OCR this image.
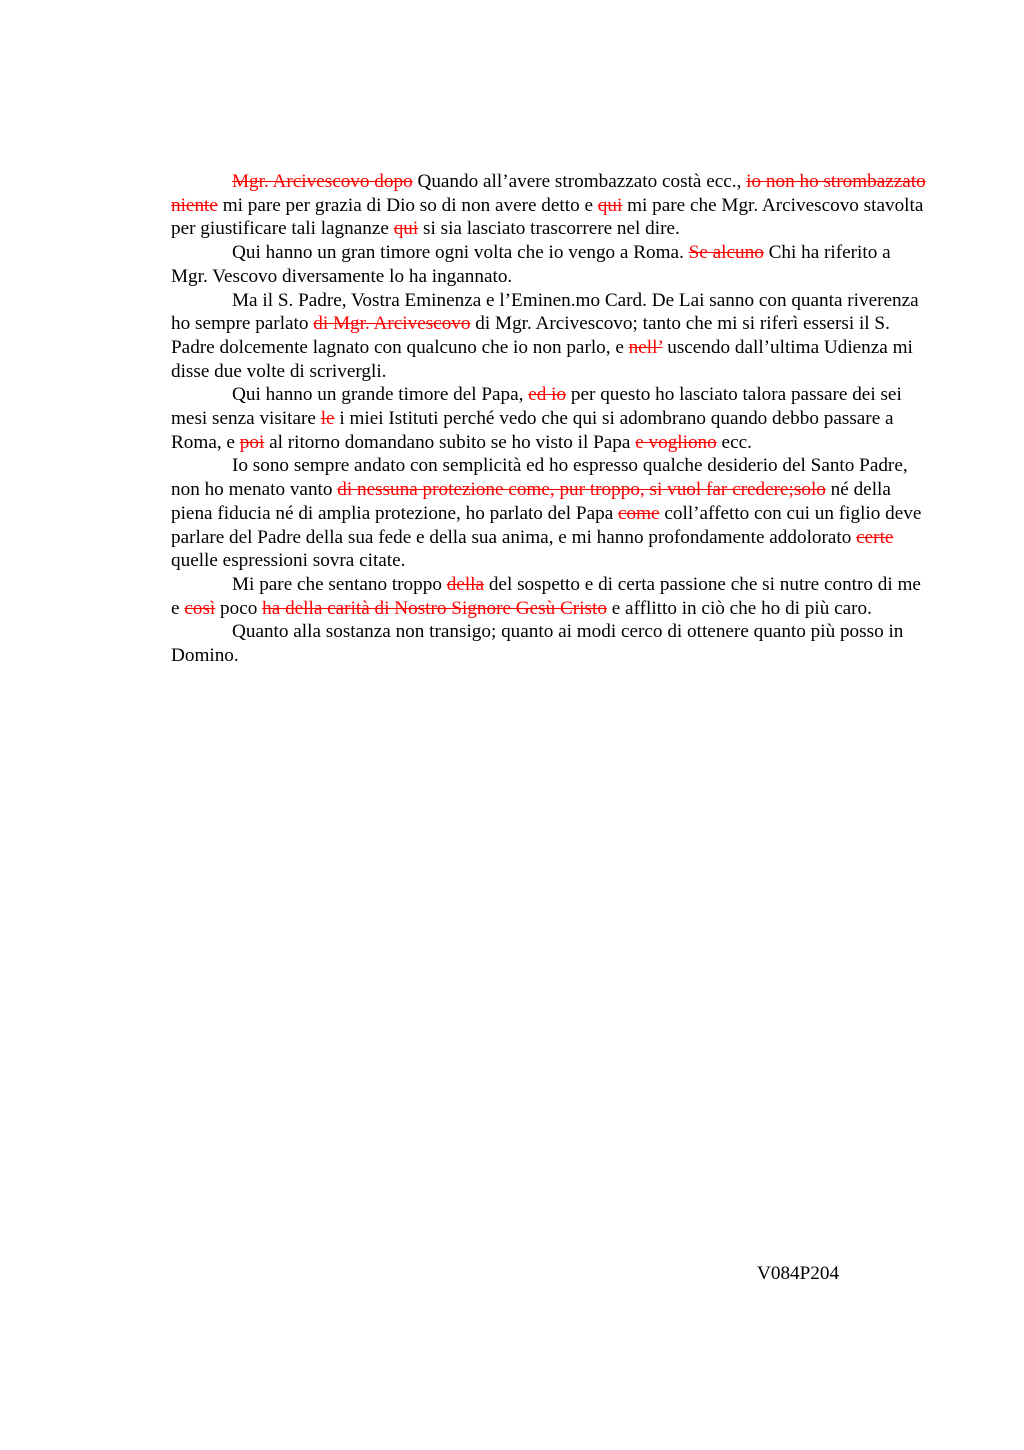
Mgr. Arcivescovo dopo Quando all’avere strombazzato costà ecc., io non ho strombazzato niente mi pare per grazia di Dio so di non avere detto e qui mi pare che Mgr. Arcivescovo stavolta per giustificare tali lagnanze qui si sia lasciato trascorrere nel dire.

Qui hanno un gran timore ogni volta che io vengo a Roma. Se alcuno Chi ha riferito a Mgr. Vescovo diversamente lo ha ingannato.

Ma il S. Padre, Vostra Eminenza e l’Eminen.mo Card. De Lai sanno con quanta riverenza ho sempre parlato di Mgr. Arcivescovo di Mgr. Arcivescovo; tanto che mi si riferì essersi il S. Padre dolcemente lagnato con qualcuno che io non parlo, e nell’ uscendo dall’ultima Udienza mi disse due volte di scrivergli.

Qui hanno un grande timore del Papa, ed io per questo ho lasciato talora passare dei sei mesi senza visitare le i miei Istituti perché vedo che qui si adombrano quando debbo passare a Roma, e poi al ritorno domandano subito se ho visto il Papa e vogliono ecc.

Io sono sempre andato con semplicità ed ho espresso qualche desiderio del Santo Padre, non ho menato vanto di nessuna protezione come, pur troppo, si vuol far credere;solo né della piena fiducia né di amplia protezione, ho parlato del Papa come coll’affetto con cui un figlio deve parlare del Padre della sua fede e della sua anima, e mi hanno profondamente addolorato certe quelle espressioni sovra citate.

Mi pare che sentano troppo della del sospetto e di certa passione che si nutre contro di me e così poco ha della carità di Nostro Signore Gesù Cristo e afflitto in ciò che ho di più caro.

Quanto alla sostanza non transigo; quanto ai modi cerco di ottenere quanto più posso in Domino.

V084P204
